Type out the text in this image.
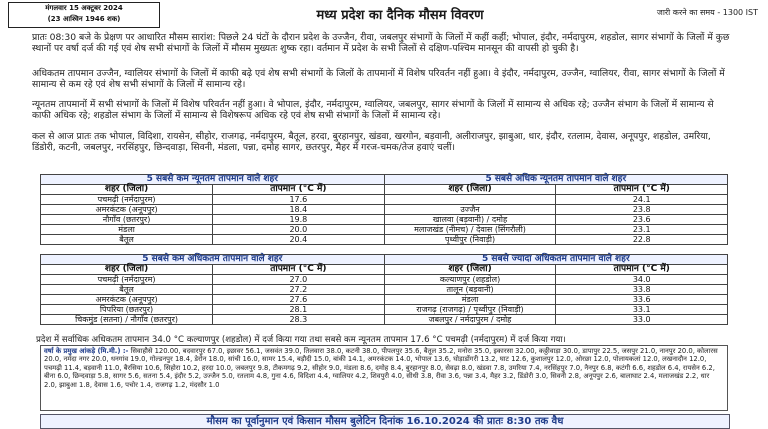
मंगलवार 15 अक्टूबर 2024
(23 आश्विन 1946 शक)	मध्य प्रदेश का दैनिक मौसम विवरण	जारी करने का समय - 1300 IST
प्रातः 08:30 बजे के प्रेक्षण पर आधारित मौसम सारांश: पिछले 24 घंटों के दौरान प्रदेश के उज्जैन, रीवा, जबलपुर संभागों के जिलों में कहीं कहीं; भोपाल, इंदौर, नर्मदापुरम, शहडोल, सागर संभागों के जिलों में कुछ स्थानों पर वर्षा दर्ज की गई एवं शेष सभी संभागों के जिलों में मौसम मुख्यतः शुष्क रहा। वर्तमान में प्रदेश के सभी जिलों से दक्षिण-पश्चिम मानसून की वापसी हो चुकी है।
अधिकतम तापमान उज्जैन, ग्वालियर संभागों के जिलों में काफी बढ़े एवं शेष सभी संभागों के जिलों के तापमानों में विशेष परिवर्तन नहीं हुआ। वे इंदौर, नर्मदापुरम, उज्जैन, ग्वालियर, रीवा, सागर संभागों के जिलों में सामान्य से कम रहे एवं शेष सभी संभागों के जिलों में सामान्य रहे।
न्यूनतम तापमानों में सभी संभागों के जिलों में विशेष परिवर्तन नहीं हुआ। वे भोपाल, इंदौर, नर्मदापुरम, ग्वालियर, जबलपुर, सागर संभागों के जिलों में सामान्य से अधिक रहे; उज्जैन संभाग के जिलों में सामान्य से काफी अधिक रहे; शहडोल संभाग के जिलों में सामान्य से विशेषरूप अधिक रहे एवं शेष सभी संभागों के जिलों में सामान्य रहे।
कल से आज प्रातः तक भोपाल, विदिशा, रायसेन, सीहोर, राजगढ़, नर्मदापुरम, बैतूल, हरदा, बुरहानपुर, खंडवा, खरगोन, बड़वानी, अलीराजपुर, झाबुआ, धार, इंदौर, रतलाम, देवास, अनूपपुर, शहडोल, उमरिया, डिंडोरी, कटनी, जबलपुर, नरसिंहपुर, छिन्दवाड़ा, सिवनी, मंडला, पन्ना, दमोह सागर, छतरपुर, मैहर में गरज-चमक/तेज हवाएं चलीं।
5 सबसे कम न्यूनतम तापमान वाले शहर		5 सबसे अधिक न्यूनतम तापमान वाले शहर	
शहर (जिला)	तापमान (°C में)	शहर (जिला)	तापमान (°C में)
पचमढ़ी (नर्मदापुरम)	17.6		24.1
अमरकंटक (अनूपपुर)	18.4	उज्जैन	23.8
नौगाँव (छतरपुर)	19.8	खालवा (बड़वानी) / दमोह	23.6
मंडला	20.0	मलाजखंड (नीमच) / देवास (सिंगरौली)	23.1
बैतूल	20.4	पृथ्वीपुर (निवाड़ी)	22.8
5 सबसे कम अधिकतम तापमान वाले शहर		5 सबसे ज्यादा अधिकतम तापमान वाले शहर	
शहर (जिला)	तापमान (°C में)	शहर (जिला)	तापमान (°C में)
पचमढ़ी (नर्मदापुरम)	27.0	कल्याणपुर (शहडोल)	34.0
बैतूल	27.2	तालून (बड़वानी)	33.8
अमरकंटक (अनूपपुर)	27.6	मंडला	33.6
पिपरिया (छतरपुर)	28.1	राजगढ़ (राजगढ़) / पृथ्वीपुर (निवाड़ी)	33.1
चिकमुंड (सतना) / नौगाँव (छतरपुर)	28.3	जबलपुर / नर्मदापुरम / दमोह	33.0
प्रदेश में सर्वाधिक अधिकतम तापमान 34.0 °C कल्याणपुर (शहडोल) में दर्ज किया गया तथा सबसे कम न्यूनतम तापमान 17.6 °C पचमढ़ी (नर्मदापुरम) में दर्ज किया गया।
वर्षा के प्रमुख आंकड़े (मि.मी.) :- सिवाहौसे 120.00, बदवारपुर 67.0, इछावर 56.1, जसवंत 39.0, तिलवारा 38.0, कटनी 38.0, पीपलपुर 35.6, बैतूल 35.2, मनोरा 35.0, इकारसा 32.00, कठ्ठीवाड़ा 30.0, डापापुर 22.5, जसपुर 21.0, नानपुर 20.0, कोलारस 20.0, नर्मदा नगर 20.0, धनगांव 19.0, गोल्डनपुर 18.4, डेरोन 18.0, सांची 16.0, सामर 15.4, बड़ौदी 15.0, बांकी 14.1, अमरकंटक 14.0, भोपाल 13.6, घोड़ाडोंगरी 13.2, घाट 12.6, कुशालपुर 12.0, ओरछा 12.0, पोलायकलां 12.0, लखनादौन 12.0, पचमढ़ी 11.4, बड़वानी 11.0, बैरसिया 10.6, सिहोरा 10.2, हरदा 10.0, जबलपुर 9.8, टीकमगढ़ 9.2, सीहोर 9.0, मंडला 8.6, दमोह 8.4, बुरहानपुर 8.0, सेवढ़ा 8.0, खंडवा 7.8, उमरिया 7.4, नरसिंहपुर 7.0, नैनपुर 6.8, कटंगी 6.6, शहडोल 6.4, रायसेन 6.2, बीना 6.0, छिन्दवाड़ा 5.8, सागर 5.6, सतना 5.4, इंदौर 5.2, उज्जैन 5.0, रतलाम 4.8, गुना 4.6, विदिशा 4.4, ग्वालियर 4.2, शिवपुरी 4.0, सीधी 3.8, रीवा 3.6, पन्ना 3.4, मैहर 3.2, डिंडोरी 3.0, सिवनी 2.8, अनूपपुर 2.6, बालाघाट 2.4, मलाजखंड 2.2, धार 2.0, झाबुआ 1.8, देवास 1.6, पचोर 1.4, राजगढ़ 1.2, मंदसौर 1.0
मौसम का पूर्वानुमान एवं किसान मौसम बुलेटिन दिनांक 16.10.2024 की प्रातः 8:30 तक वैध
